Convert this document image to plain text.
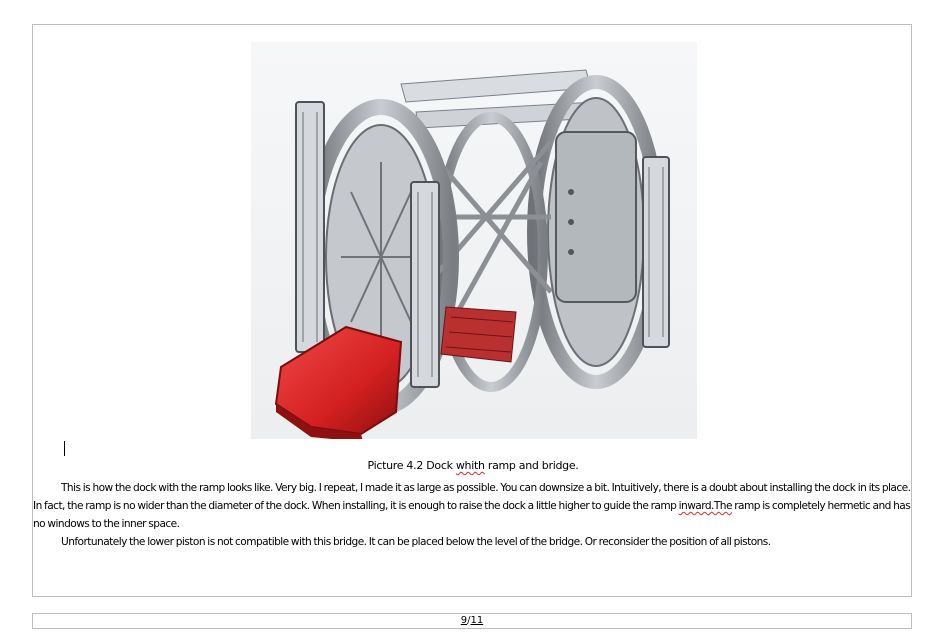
Picture 4.2 Dock whith ramp and bridge.

This is how the dock with the ramp looks like. Very big. I repeat, I made it as large as possible. You can downsize a bit. Intuitively, there is a doubt about installing the dock in its place. In fact, the ramp is no wider than the diameter of the dock. When installing, it is enough to raise the dock a little higher to guide the ramp inward.The ramp is completely hermetic and has no windows to the inner space.

Unfortunately the lower piston is not compatible with this bridge. It can be placed below the level of the bridge. Or reconsider the position of all pistons.

9/11
